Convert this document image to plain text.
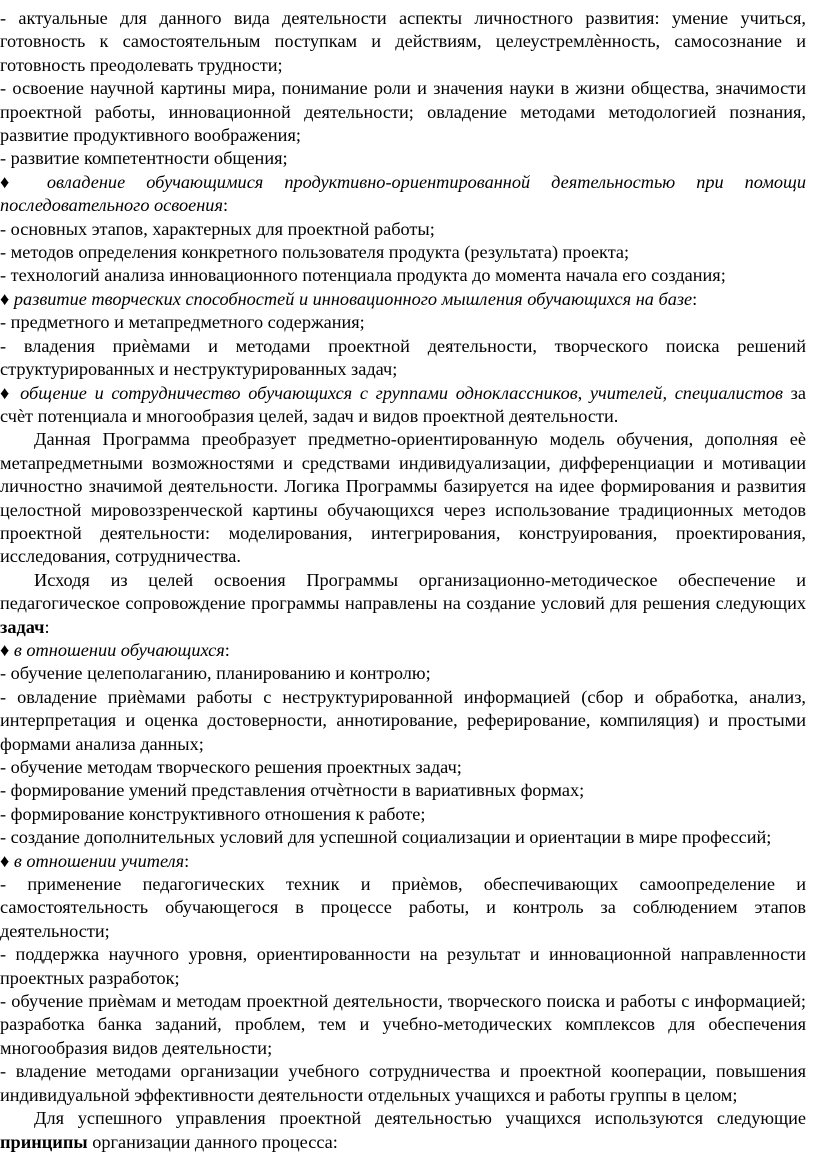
- актуальные для данного вида деятельности аспекты личностного развития: умение учиться, готовность к самостоятельным поступкам и действиям, целеустремлѐнность, самосознание и готовность преодолевать трудности;

- освоение научной картины мира, понимание роли и значения науки в жизни общества, значимости проектной работы, инновационной деятельности; овладение методами методологией познания, развитие продуктивного воображения;

- развитие компетентности общения;

♦ овладение обучающимися продуктивно-ориентированной деятельностью при помощи последовательного освоения:

- основных этапов, характерных для проектной работы;

- методов определения конкретного пользователя продукта (результата) проекта;

- технологий анализа инновационного потенциала продукта до момента начала его создания;

♦ развитие творческих способностей и инновационного мышления обучающихся на базе:

- предметного и метапредметного содержания;

- владения приѐмами и методами проектной деятельности, творческого поиска решений структурированных и неструктурированных задач;

♦ общение и сотрудничество обучающихся с группами одноклассников, учителей, специалистов за счѐт потенциала и многообразия целей, задач и видов проектной деятельности.

Данная Программа преобразует предметно-ориентированную модель обучения, дополняя еѐ метапредметными возможностями и средствами индивидуализации, дифференциации и мотивации личностно значимой деятельности. Логика Программы базируется на идее формирования и развития целостной мировоззренческой картины обучающихся через использование традиционных методов проектной деятельности: моделирования, интегрирования, конструирования, проектирования, исследования, сотрудничества.

Исходя из целей освоения Программы организационно-методическое обеспечение и педагогическое сопровождение программы направлены на создание условий для решения следующих задач:

♦ в отношении обучающихся:

- обучение целеполаганию, планированию и контролю;

- овладение приѐмами работы с неструктурированной информацией (сбор и обработка, анализ, интерпретация и оценка достоверности, аннотирование, реферирование, компиляция) и простыми формами анализа данных;

- обучение методам творческого решения проектных задач;

- формирование умений представления отчѐтности в вариативных формах;

- формирование конструктивного отношения к работе;

- создание дополнительных условий для успешной социализации и ориентации в мире профессий;

♦ в отношении учителя:

- применение педагогических техник и приѐмов, обеспечивающих самоопределение и самостоятельность обучающегося в процессе работы, и контроль за соблюдением этапов деятельности;

- поддержка научного уровня, ориентированности на результат и инновационной направленности проектных разработок;

- обучение приѐмам и методам проектной деятельности, творческого поиска и работы с информацией; разработка банка заданий, проблем, тем и учебно-методических комплексов для обеспечения многообразия видов деятельности;

- владение методами организации учебного сотрудничества и проектной кооперации, повышения индивидуальной эффективности деятельности отдельных учащихся и работы группы в целом;

Для успешного управления проектной деятельностью учащихся используются следующие принципы организации данного процесса:
